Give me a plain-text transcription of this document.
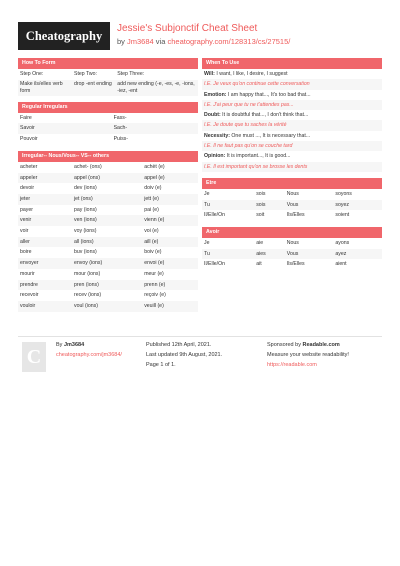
Cheatography
Jessie's Subjonctif Cheat Sheet
by Jm3684 via cheatography.com/128313/cs/27515/
How To Form
Step One:	Step Two:	Step Three:
Make ils/elles verb form	drop -ent ending	add new ending (-e, -es, -e, -ions, -iez, -ent
Regular Irregulars
Faire	Fass-
Savoir	Sach-
Pouvoir	Puiss-
Irregular-- Nous/Vous-- VS-- others
acheter	achet- (ons)	achèt (e)
appeler	appel (ons)	appel (e)
devoir	dev (ions)	doiv (e)
jeter	jet (ons)	jett (e)
payer	pay (ions)	pai (e)
venir	ven (ions)	vienn (e)
voir	voy (ions)	voi (e)
aller	all (ions)	aill (e)
boire	buv (ions)	boiv (e)
envoyer	envoy (ions)	envoi (e)
mourir	mour (ions)	meur (e)
prendre	pren (ions)	prenn (e)
recevoir	recev (ions)	reçoiv (e)
vouloir	voul (ions)	veuill (e)
When To Use

Will: I want, I like, I desire, I suggest

I.E. Je veux qu'on continue cette conversation

Emotion: I am happy that..., It's too bad that...

I.E. J'ai peur que tu ne t'attendes pas...

Doubt: It is doubtful that..., I don't think that...

I.E. Je doute que tu saches la vérité

Necessity: One must ..., It is necessary that...

I.E. Il ne faut pas qu'on se couche tard

Opinion: It is important..., It is good...

I.E. Il est important qu'on se brosse les dents

Etre
Je	sois	Nous	soyons
Tu	sois	Vous	soyez
Il/Elle/On	soit	Ils/Elles	soient
Avoir
Je	aie	Nous	ayons
Tu	aies	Vous	ayez
Il/Elle/On	ait	Ils/Elles	aient
C
By Jm3684
cheatography.com/jm3684/
Published 12th April, 2021.
Last updated 9th August, 2021.
Page 1 of 1.
Sponsored by Readable.com
Measure your website readability!
https://readable.com
